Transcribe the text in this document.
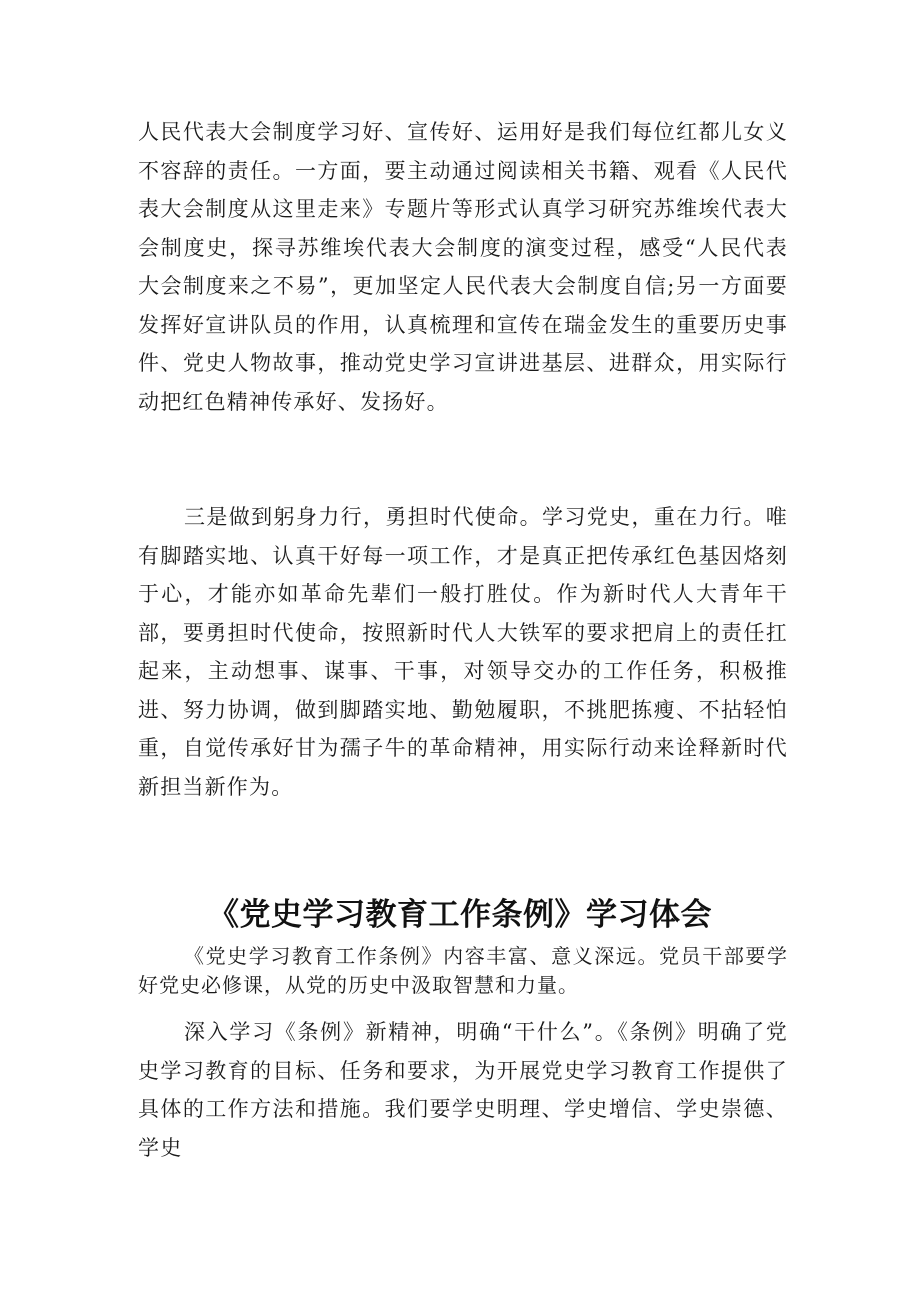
人民代表大会制度学习好、宣传好、运用好是我们每位红都儿女义不容辞的责任。一方面，要主动通过阅读相关书籍、观看《人民代表大会制度从这里走来》专题片等形式认真学习研究苏维埃代表大会制度史，探寻苏维埃代表大会制度的演变过程，感受“人民代表大会制度来之不易”，更加坚定人民代表大会制度自信;另一方面要发挥好宣讲队员的作用，认真梳理和宣传在瑞金发生的重要历史事件、党史人物故事，推动党史学习宣讲进基层、进群众，用实际行动把红色精神传承好、发扬好。

三是做到躬身力行，勇担时代使命。学习党史，重在力行。唯有脚踏实地、认真干好每一项工作，才是真正把传承红色基因烙刻于心，才能亦如革命先辈们一般打胜仗。作为新时代人大青年干部，要勇担时代使命，按照新时代人大铁军的要求把肩上的责任扛起来，主动想事、谋事、干事，对领导交办的工作任务，积极推进、努力协调，做到脚踏实地、勤勉履职，不挑肥拣瘦、不拈轻怕重，自觉传承好甘为孺子牛的革命精神，用实际行动来诠释新时代新担当新作为。

《党史学习教育工作条例》学习体会

《党史学习教育工作条例》内容丰富、意义深远。党员干部要学好党史必修课，从党的历史中汲取智慧和力量。

深入学习《条例》新精神，明确“干什么”。《条例》明确了党史学习教育的目标、任务和要求，为开展党史学习教育工作提供了具体的工作方法和措施。我们要学史明理、学史增信、学史崇德、学史
